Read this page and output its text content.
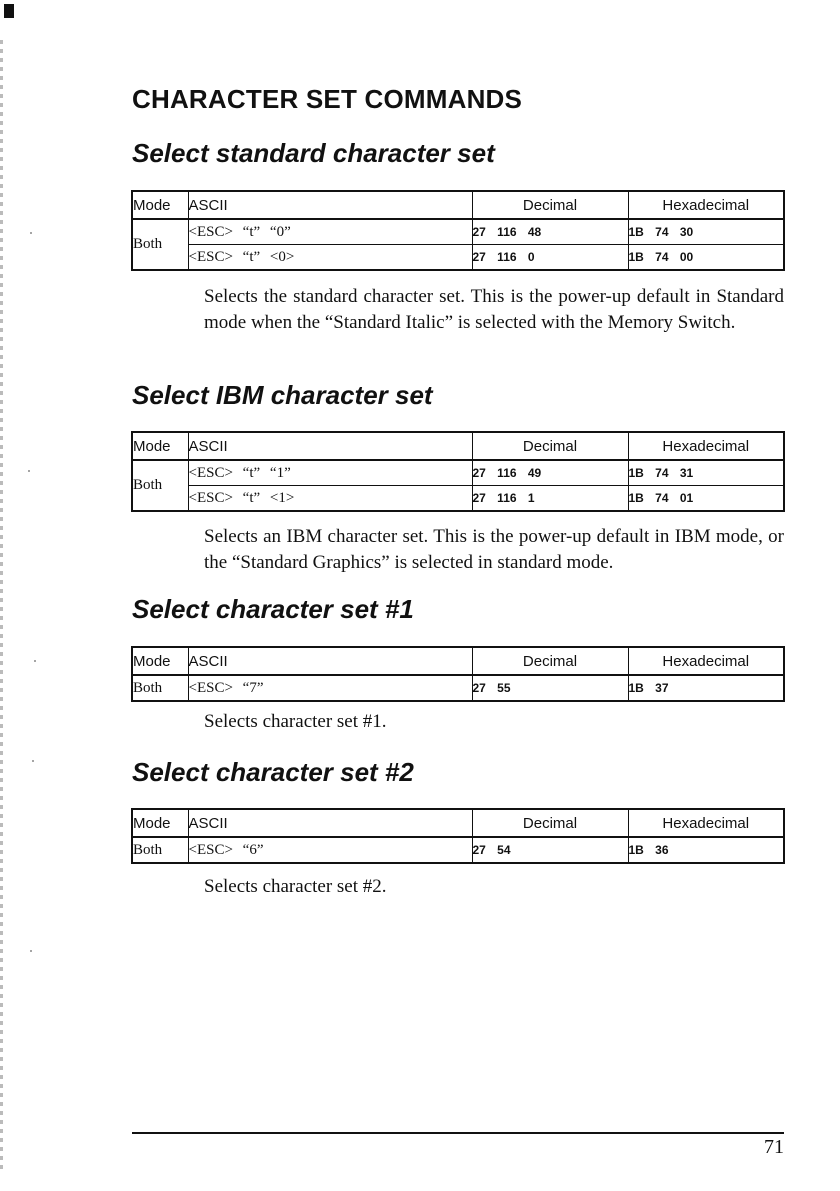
CHARACTER SET COMMANDS
Select standard character set
Mode	ASCII	Decimal	Hexadecimal
Both	<ESC> “t” “0”	27 116 48	1B 74 30
	<ESC> “t” <0>	27 116 0	1B 74 00

Selects the standard character set. This is the power-up default in Standard mode when the “Standard Italic” is selected with the Memory Switch.

Select IBM character set
Mode	ASCII	Decimal	Hexadecimal
Both	<ESC> “t” “1”	27 116 49	1B 74 31
	<ESC> “t” <1>	27 116 1	1B 74 01

Selects an IBM character set. This is the power-up default in IBM mode, or the “Standard Graphics” is selected in standard mode.

Select character set #1
Mode	ASCII	Decimal	Hexadecimal
Both	<ESC> “7”	27 55	1B 37

Selects character set #1.

Select character set #2
Mode	ASCII	Decimal	Hexadecimal
Both	<ESC> “6”	27 54	1B 36

Selects character set #2.

71
